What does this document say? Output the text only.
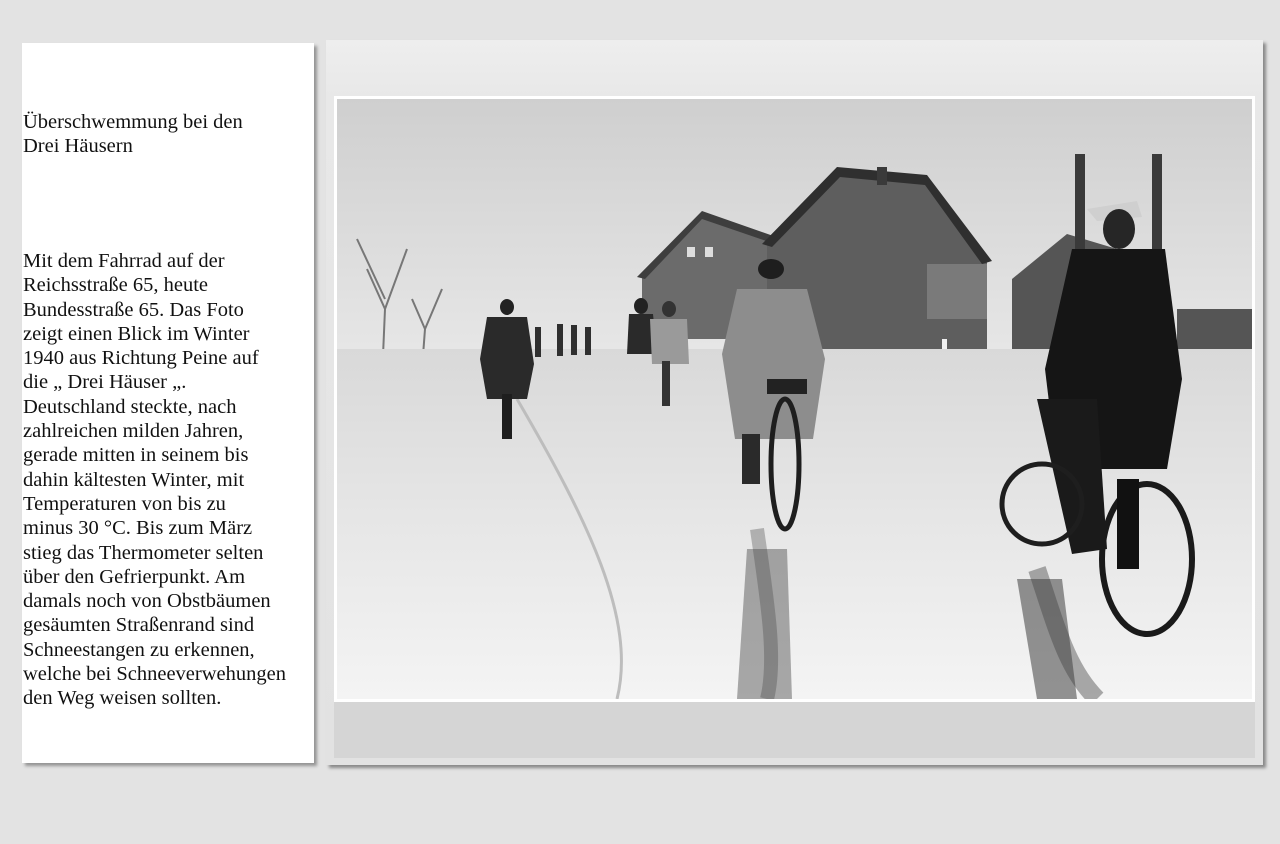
Überschwemmung bei den
Drei Häusern
Mit dem Fahrrad auf der
Reichsstraße 65, heute
Bundesstraße 65. Das Foto
zeigt einen Blick im Winter
1940 aus Richtung Peine auf
die „ Drei Häuser „.
Deutschland steckte, nach
zahlreichen milden Jahren,
gerade mitten in seinem bis
dahin kältesten Winter, mit
Temperaturen von bis zu
minus 30 °C. Bis zum März
stieg das Thermometer selten
über den Gefrierpunkt. Am
damals noch von Obstbäumen
gesäumten Straßenrand sind
Schneestangen zu erkennen,
welche bei Schneeverwehungen
den Weg weisen sollten.
